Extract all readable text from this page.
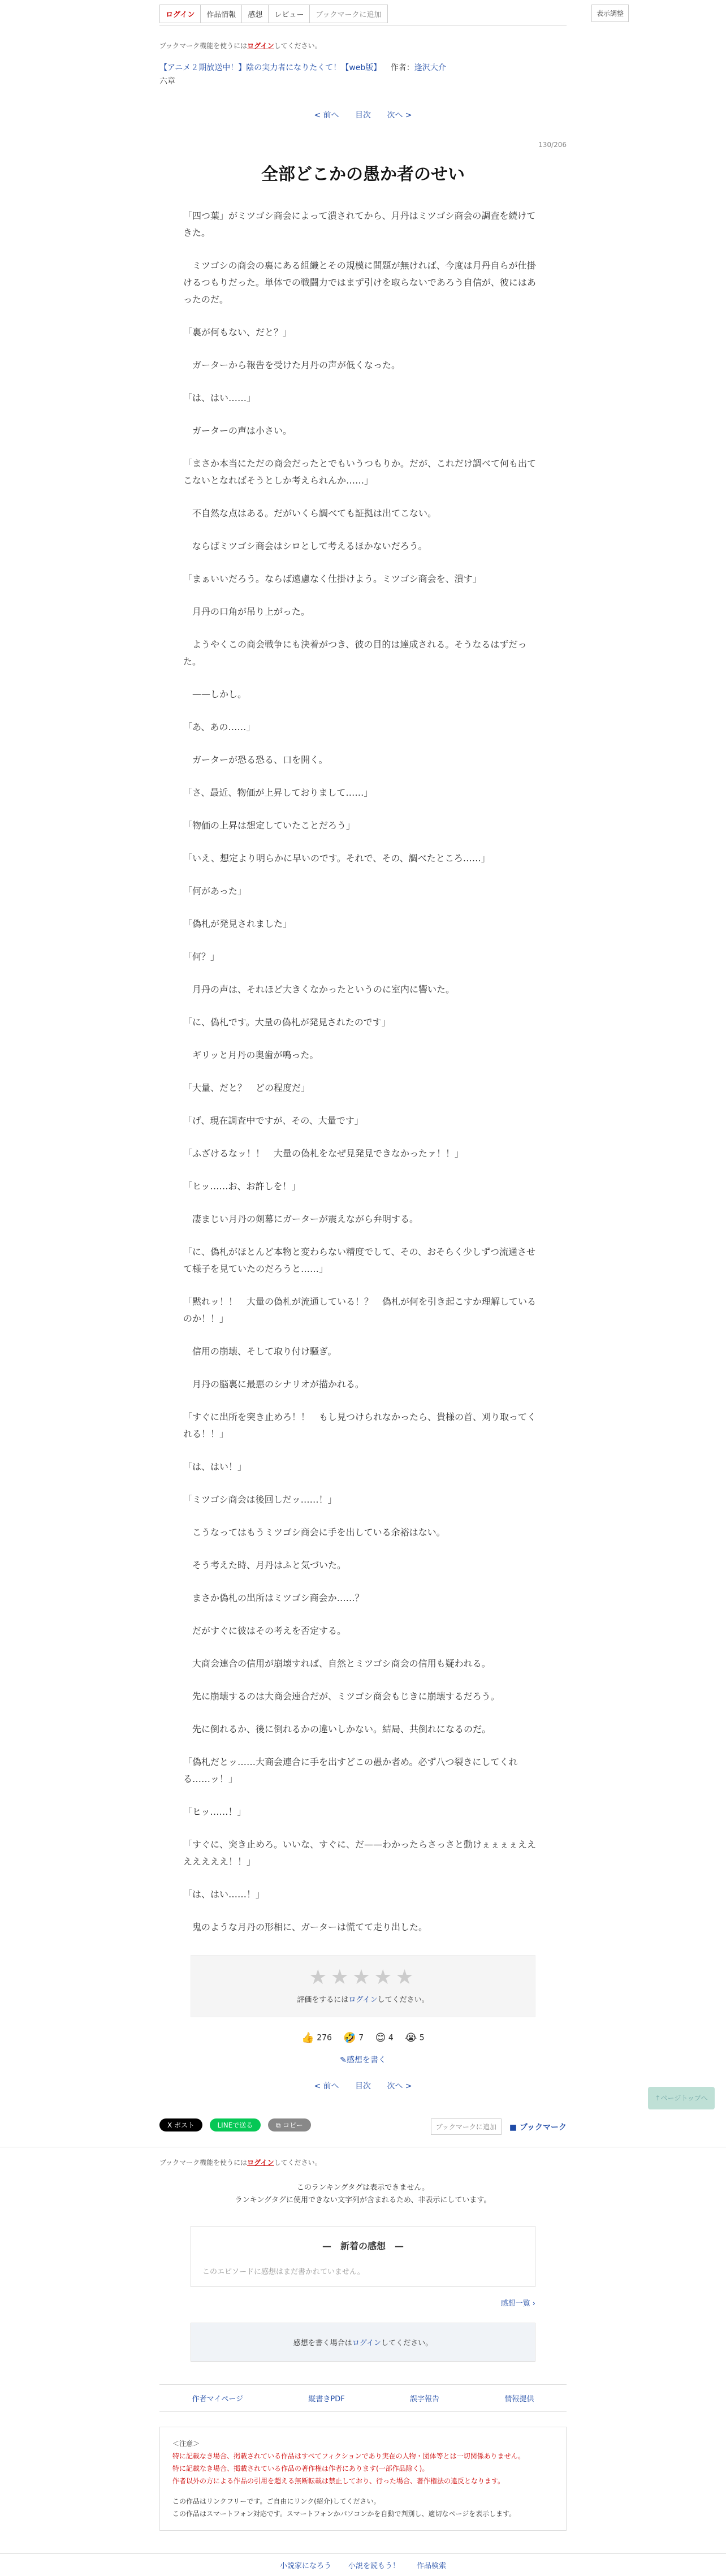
ログイン	作品情報	感想	レビュー	ブックマークに追加	表示調整
ブックマーク機能を使うにはログインしてください。
【アニメ２期放送中！】陰の実力者になりたくて！【web版】 作者：逢沢大介
六章
< 前へ 目次 次へ >
130/206
全部どこかの愚か者のせい

「四つ葉」がミツゴシ商会によって潰されてから、月丹はミツゴシ商会の調査を続けてきた。

　ミツゴシの商会の裏にある組織とその規模に問題が無ければ、今度は月丹自らが仕掛けるつもりだった。単体での戦闘力ではまず引けを取らないであろう自信が、彼にはあったのだ。

「裏が何もない、だと？」

　ガーターから報告を受けた月丹の声が低くなった。

「は、はい……」

　ガーターの声は小さい。

「まさか本当にただの商会だったとでもいうつもりか。だが、これだけ調べて何も出てこないとなればそうとしか考えられんか……」

　不自然な点はある。だがいくら調べても証拠は出てこない。

　ならばミツゴシ商会はシロとして考えるほかないだろう。

「まぁいいだろう。ならば遠慮なく仕掛けよう。ミツゴシ商会を、潰す」

　月丹の口角が吊り上がった。

　ようやくこの商会戦争にも決着がつき、彼の目的は達成される。そうなるはずだった。

　——しかし。

「あ、あの……」

　ガーターが恐る恐る、口を開く。

「さ、最近、物価が上昇しておりまして……」

「物価の上昇は想定していたことだろう」

「いえ、想定より明らかに早いのです。それで、その、調べたところ……」

「何があった」

「偽札が発見されました」

「何？」

　月丹の声は、それほど大きくなかったというのに室内に響いた。

「に、偽札です。大量の偽札が発見されたのです」

　ギリッと月丹の奥歯が鳴った。

「大量、だと？　どの程度だ」

「げ、現在調査中ですが、その、大量です」

「ふざけるなッ！！　大量の偽札をなぜ見発見できなかったァ！！」

「ヒッ……お、お許しを！」

　凄まじい月丹の剣幕にガーターが震えながら弁明する。

「に、偽札がほとんど本物と変わらない精度でして、その、おそらく少しずつ流通させて様子を見ていたのだろうと……」

「黙れッ！！　大量の偽札が流通している！？　偽札が何を引き起こすか理解しているのか！！」

　信用の崩壊、そして取り付け騒ぎ。

　月丹の脳裏に最悪のシナリオが描かれる。

「すぐに出所を突き止めろ！！　もし見つけられなかったら、貴様の首、刈り取ってくれる！！」

「は、はい！」

「ミツゴシ商会は後回しだッ……！」

　こうなってはもうミツゴシ商会に手を出している余裕はない。

　そう考えた時、月丹はふと気づいた。

　まさか偽札の出所はミツゴシ商会か……？

　だがすぐに彼はその考えを否定する。

　大商会連合の信用が崩壊すれば、自然とミツゴシ商会の信用も疑われる。

　先に崩壊するのは大商会連合だが、ミツゴシ商会もじきに崩壊するだろう。

　先に倒れるか、後に倒れるかの違いしかない。結局、共倒れになるのだ。

「偽札だとッ……大商会連合に手を出すどこの愚か者め。必ず八つ裂きにしてくれる……ッ！」

「ヒッ……！」

「すぐに、突き止めろ。いいな、すぐに、だ——わかったらさっさと動けぇぇぇぇえええええええ！！」

「は、はい……！」

　鬼のような月丹の形相に、ガーターは慌てて走り出した。

★★★★★
評価をするにはログインしてください。
👍 276 🤣 7 😊 4 😭 5
✎感想を書く
< 前へ 目次 次へ >
X ポスト	LINEで送る	⧉ コピー	ブックマークに追加	■ ブックマーク
ブックマーク機能を使うにはログインしてください。
↑ページトップへ
このランキングタグは表示できません。
ランキングタグに使用できない文字列が含まれるため、非表示にしています。
—　新着の感想　—
このエピソードに感想はまだ書かれていません。
感想一覧 ›
感想を書く場合はログインしてください。
作者マイページ	縦書きPDF	誤字報告	情報提供
＜注意＞
特に記載なき場合、掲載されている作品はすべてフィクションであり実在の人物・団体等とは一切関係ありません。
特に記載なき場合、掲載されている作品の著作権は作者にあります(一部作品除く)。
作者以外の方による作品の引用を超える無断転載は禁止しており、行った場合、著作権法の違反となります。
この作品はリンクフリーです。ご自由にリンク(紹介)してください。
この作品はスマートフォン対応です。スマートフォンかパソコンかを自動で判別し、適切なページを表示します。
小説家になろう 小説を読もう！ 作品検索
